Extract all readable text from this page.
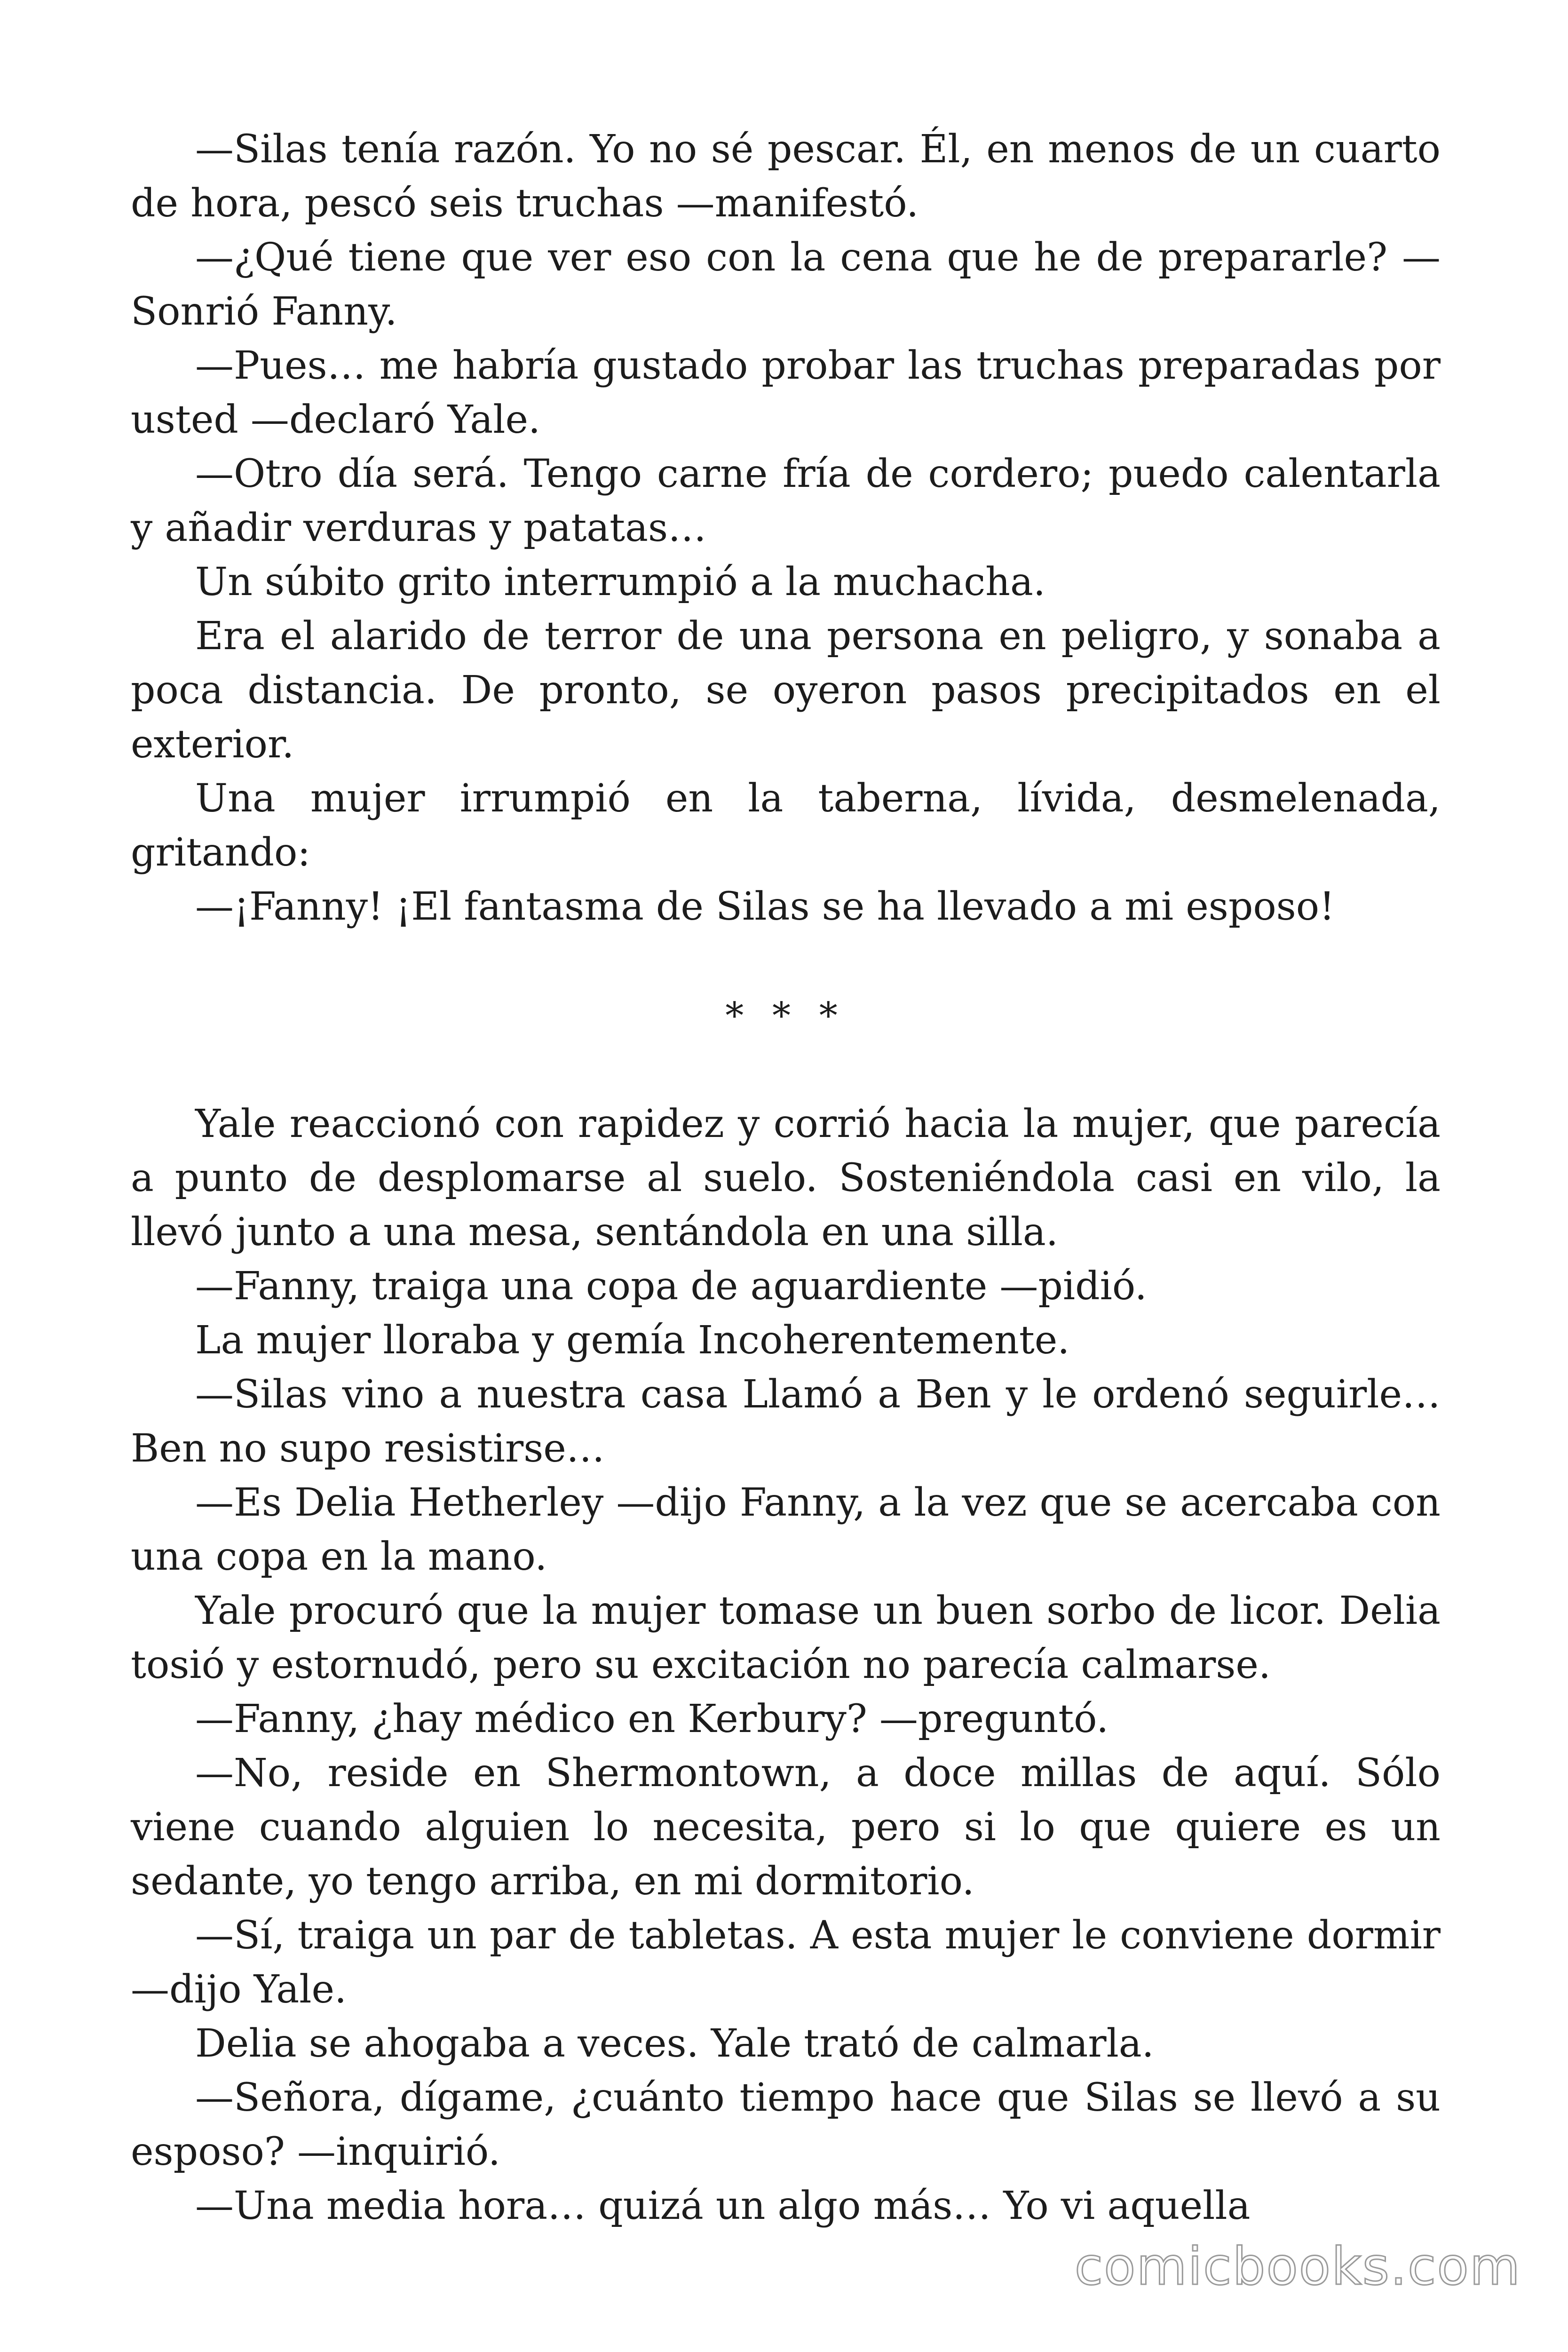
—Silas tenía razón. Yo no sé pescar. Él, en menos de un cuarto de hora, pescó seis truchas —manifestó.

—¿Qué tiene que ver eso con la cena que he de prepararle? —Sonrió Fanny.

—Pues… me habría gustado probar las truchas preparadas por usted —declaró Yale.

—Otro día será. Tengo carne fría de cordero; puedo calentarla y añadir verduras y patatas…

Un súbito grito interrumpió a la muchacha.

Era el alarido de terror de una persona en peligro, y sonaba a poca distancia. De pronto, se oyeron pasos precipitados en el exterior.

Una mujer irrumpió en la taberna, lívida, desmelenada, gritando:

—¡Fanny! ¡El fantasma de Silas se ha llevado a mi esposo!

* * *

Yale reaccionó con rapidez y corrió hacia la mujer, que parecía a punto de desplomarse al suelo. Sosteniéndola casi en vilo, la llevó junto a una mesa, sentándola en una silla.

—Fanny, traiga una copa de aguardiente —pidió.

La mujer lloraba y gemía Incoherentemente.

—Silas vino a nuestra casa Llamó a Ben y le ordenó seguirle… Ben no supo resistirse…

—Es Delia Hetherley —dijo Fanny, a la vez que se acercaba con una copa en la mano.

Yale procuró que la mujer tomase un buen sorbo de licor. Delia tosió y estornudó, pero su excitación no parecía calmarse.

—Fanny, ¿hay médico en Kerbury? —preguntó.

—No, reside en Shermontown, a doce millas de aquí. Sólo viene cuando alguien lo necesita, pero si lo que quiere es un sedante, yo tengo arriba, en mi dormitorio.

—Sí, traiga un par de tabletas. A esta mujer le conviene dormir —dijo Yale.

Delia se ahogaba a veces. Yale trató de calmarla.

—Señora, dígame, ¿cuánto tiempo hace que Silas se llevó a su esposo? —inquirió.

—Una media hora… quizá un algo más… Yo vi aquella

comicbooks.com
